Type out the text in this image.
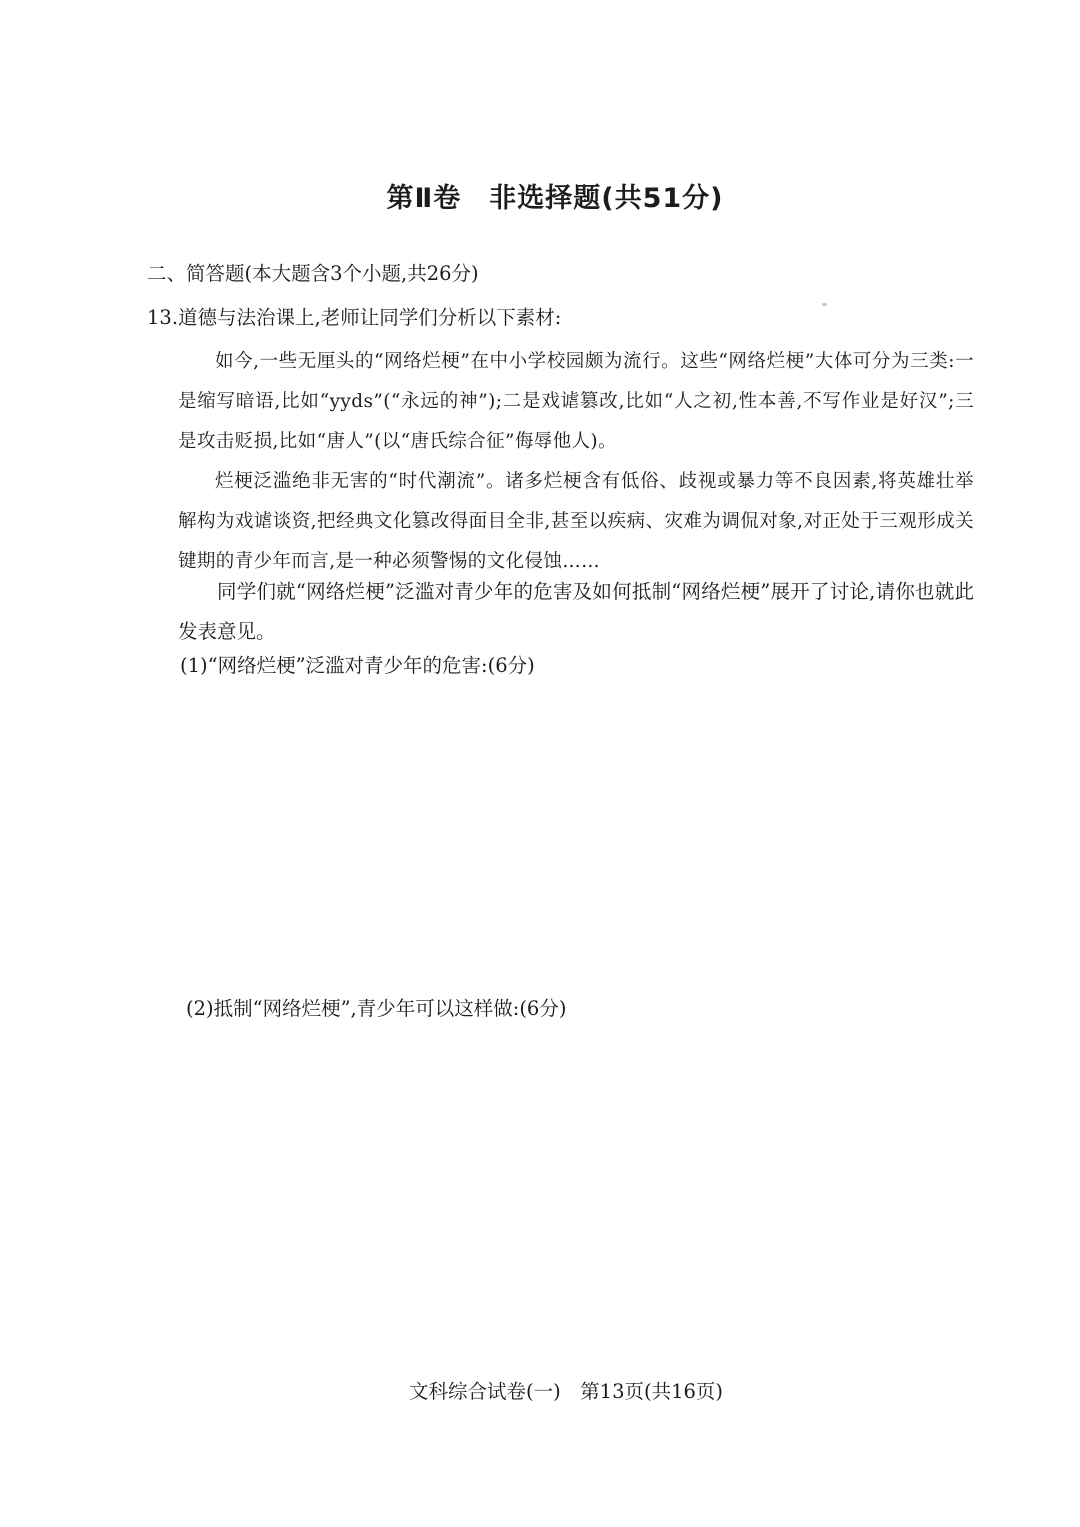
第Ⅱ卷　非选择题(共51分)
二、简答题(本大题含3个小题,共26分)
13.道德与法治课上,老师让同学们分析以下素材:

如今,一些无厘头的“网络烂梗”在中小学校园颇为流行。这些“网络烂梗”大体可分为三类:一是缩写暗语,比如“yyds”(“永远的神”);二是戏谑篡改,比如“人之初,性本善,不写作业是好汉”;三是攻击贬损,比如“唐人”(以“唐氏综合征”侮辱他人)。

烂梗泛滥绝非无害的“时代潮流”。诸多烂梗含有低俗、歧视或暴力等不良因素,将英雄壮举解构为戏谑谈资,把经典文化篡改得面目全非,甚至以疾病、灾难为调侃对象,对正处于三观形成关键期的青少年而言,是一种必须警惕的文化侵蚀……

同学们就“网络烂梗”泛滥对青少年的危害及如何抵制“网络烂梗”展开了讨论,请你也就此发表意见。

(1)“网络烂梗”泛滥对青少年的危害:(6分)
(2)抵制“网络烂梗”,青少年可以这样做:(6分)
文科综合试卷(一)　第13页(共16页)
